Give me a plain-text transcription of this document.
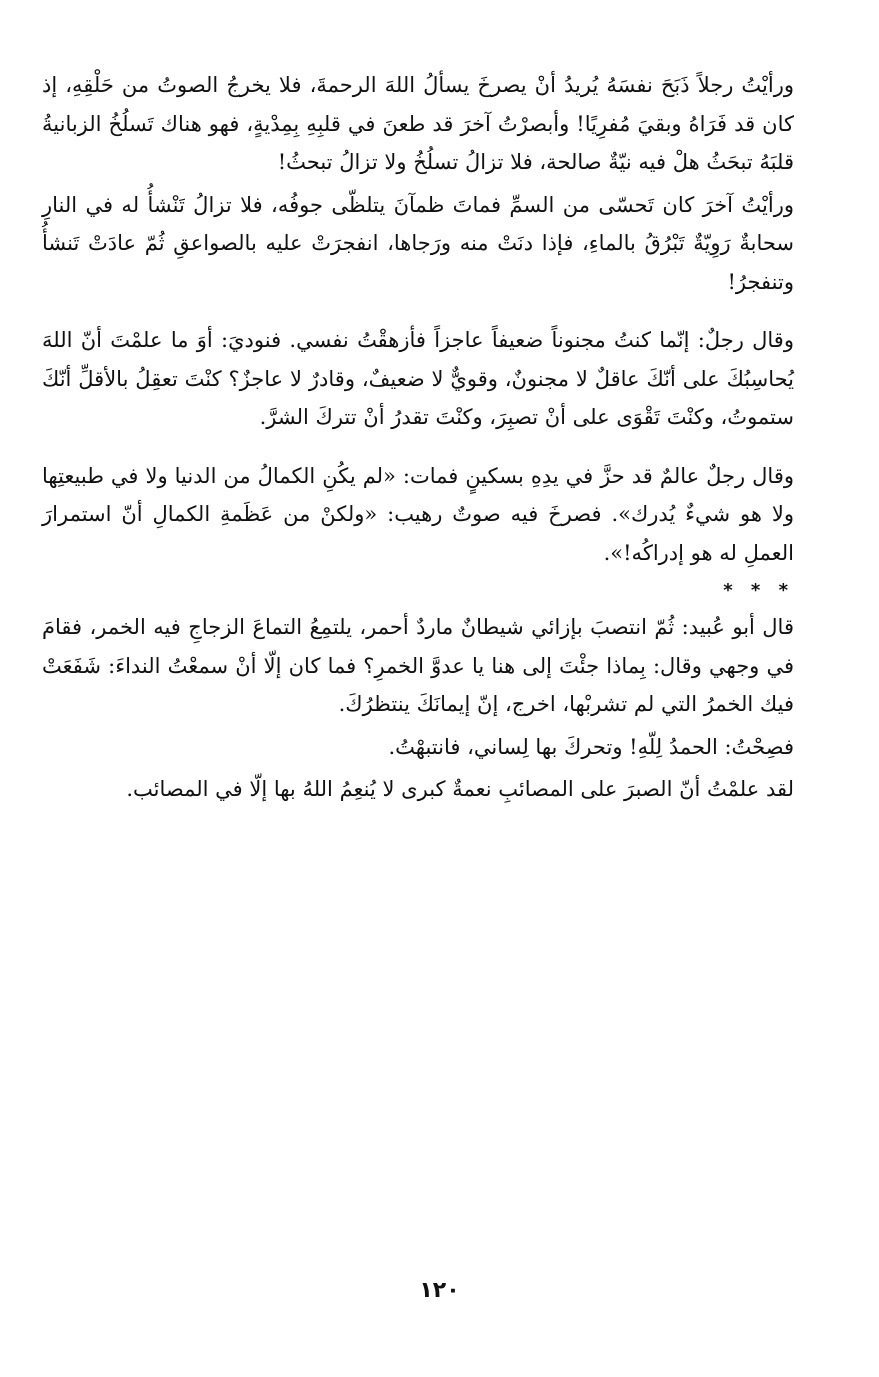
ورأيْتُ رجلاً ذَبَحَ نفسَهُ يُريدُ أنْ يصرخَ يسألُ اللهَ الرحمةَ، فلا يخرجُ الصوتُ من حَلْقِهِ، إذ كان قد فَرَاهُ وبقيَ مُفرِيًا! وأبصرْتُ آخرَ قد طعنَ في قلبِهِ بِمِدْيةٍ، فهو هناك تَسلُخُ الزبانيةُ قلبَهُ تبحَثُ هلْ فيه نيّةٌ صالحة، فلا تزالُ تسلُخُ ولا تزالُ تبحثُ!

ورأيْتُ آخرَ كان تَحسّى من السمِّ فماتَ ظمآنَ يتلظّى جوفُه، فلا تزالُ تَنْشأُ له في النارِ سحابةٌ رَوِيّةٌ تَبْرُقُ بالماءِ، فإذا دنَتْ منه ورَجاها، انفجرَتْ عليه بالصواعقِ ثُمّ عادَتْ تَنشأُ وتنفجرُ!

وقال رجلٌ: إنّما كنتُ مجنوناً ضعيفاً عاجزاً فأزهقْتُ نفسي. فنوديَ: أوَ ما علمْتَ أنّ اللهَ يُحاسِبُكَ على أنّكَ عاقلٌ لا مجنونٌ، وقويٌّ لا ضعيفٌ، وقادرٌ لا عاجزٌ؟ كنْتَ تعقِلُ بالأقلِّ أنّكَ ستموتُ، وكنْتَ تَقْوَى على أنْ تصبِرَ، وكنْتَ تقدرُ أنْ تتركَ الشرَّ.

وقال رجلٌ عالمٌ قد حزَّ في يدِهِ بسكينٍ فمات: «لم يكُنِ الكمالُ من الدنيا ولا في طبيعتِها ولا هو شيءٌ يُدرك». فصرخَ فيه صوتٌ رهيب: «ولكنْ من عَظَمةِ الكمالِ أنّ استمرارَ العملِ له هو إدراكُه!».

* * *

قال أبو عُبيد: ثُمّ انتصبَ بإزائي شيطانٌ ماردٌ أحمر، يلتمِعُ التماعَ الزجاجِ فيه الخمر، فقامَ في وجهي وقال: بِماذا جئْتَ إلى هنا يا عدوَّ الخمرِ؟ فما كان إلّا أنْ سمعْتُ النداءَ: شَفَعَتْ فيك الخمرُ التي لم تشربْها، اخرج، إنّ إيمانَكَ ينتظرُكَ.

فصِحْتُ: الحمدُ لِلّهِ! وتحركَ بها لِساني، فانتبهْتُ.

لقد علمْتُ أنّ الصبرَ على المصائبِ نعمةٌ كبرى لا يُنعِمُ اللهُ بها إلّا في المصائب.

١٢٠
